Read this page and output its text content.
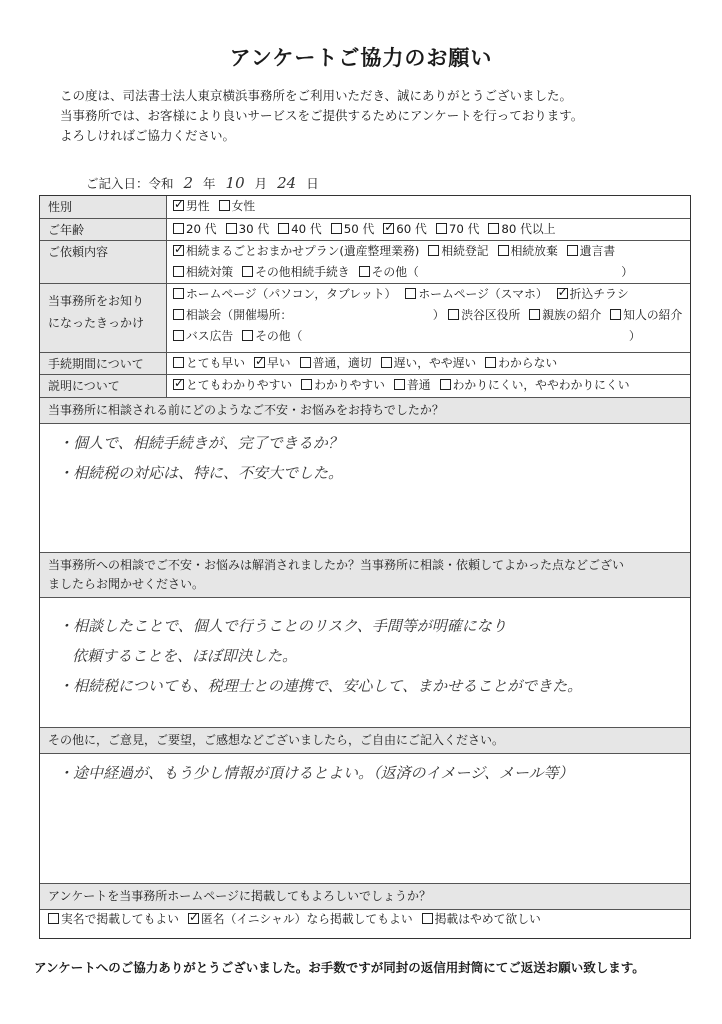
アンケートご協力のお願い
この度は、司法書士法人東京横浜事務所をご利用いただき、誠にありがとうございました。
当事務所では、お客様により良いサービスをご提供するためにアンケートを行っております。
よろしければご協力ください。
ご記入日：令和 2 年 10 月 24 日
性別 ✓	男性 女性
ご年齢	20 代 30 代 40 代 50 代 ✓ 60 代 70 代 80 代以上
ご依頼内容 ✓	相続まるごとおまかせプラン(遺産整理業務) 相続登記 相続放棄 遺言書
相続対策 その他相続手続き その他（	）
当事務所をお知り
になったきっかけ
ホームページ（パソコン，タブレット） ホームページ（スマホ） ✓ 折込チラシ
相談会（開催場所：	） 渋谷区役所 親族の紹介 知人の紹介
バス広告 その他（	）
手続期間について	とても早い ✓ 早い 普通，適切 遅い，やや遅い わからない
説明について ✓	とてもわかりやすい わかりやすい 普通 わかりにくい，ややわかりにくい
当事務所に相談される前にどのようなご不安・お悩みをお持ちでしたか？
・個人で、相続手続きが、完了できるか？
・相続税の対応は、特に、不安大でした。
当事務所への相談でご不安・お悩みは解消されましたか？当事務所に相談・依頼してよかった点などござい
ましたらお聞かせください。
・相談したことで、個人で行うことのリスク、手間等が明確になり
依頼することを、ほぼ即決した。
・相続税についても、税理士との連携で、安心して、まかせることができた。
その他に，ご意見，ご要望，ご感想などございましたら，ご自由にご記入ください。
・途中経過が、もう少し情報が頂けるとよい。（返済のイメージ、メール等）
アンケートを当事務所ホームページに掲載してもよろしいでしょうか？
実名で掲載してもよい ✓ 匿名（イニシャル）なら掲載してもよい 掲載はやめて欲しい
アンケートへのご協力ありがとうございました。お手数ですが同封の返信用封筒にてご返送お願い致します。
